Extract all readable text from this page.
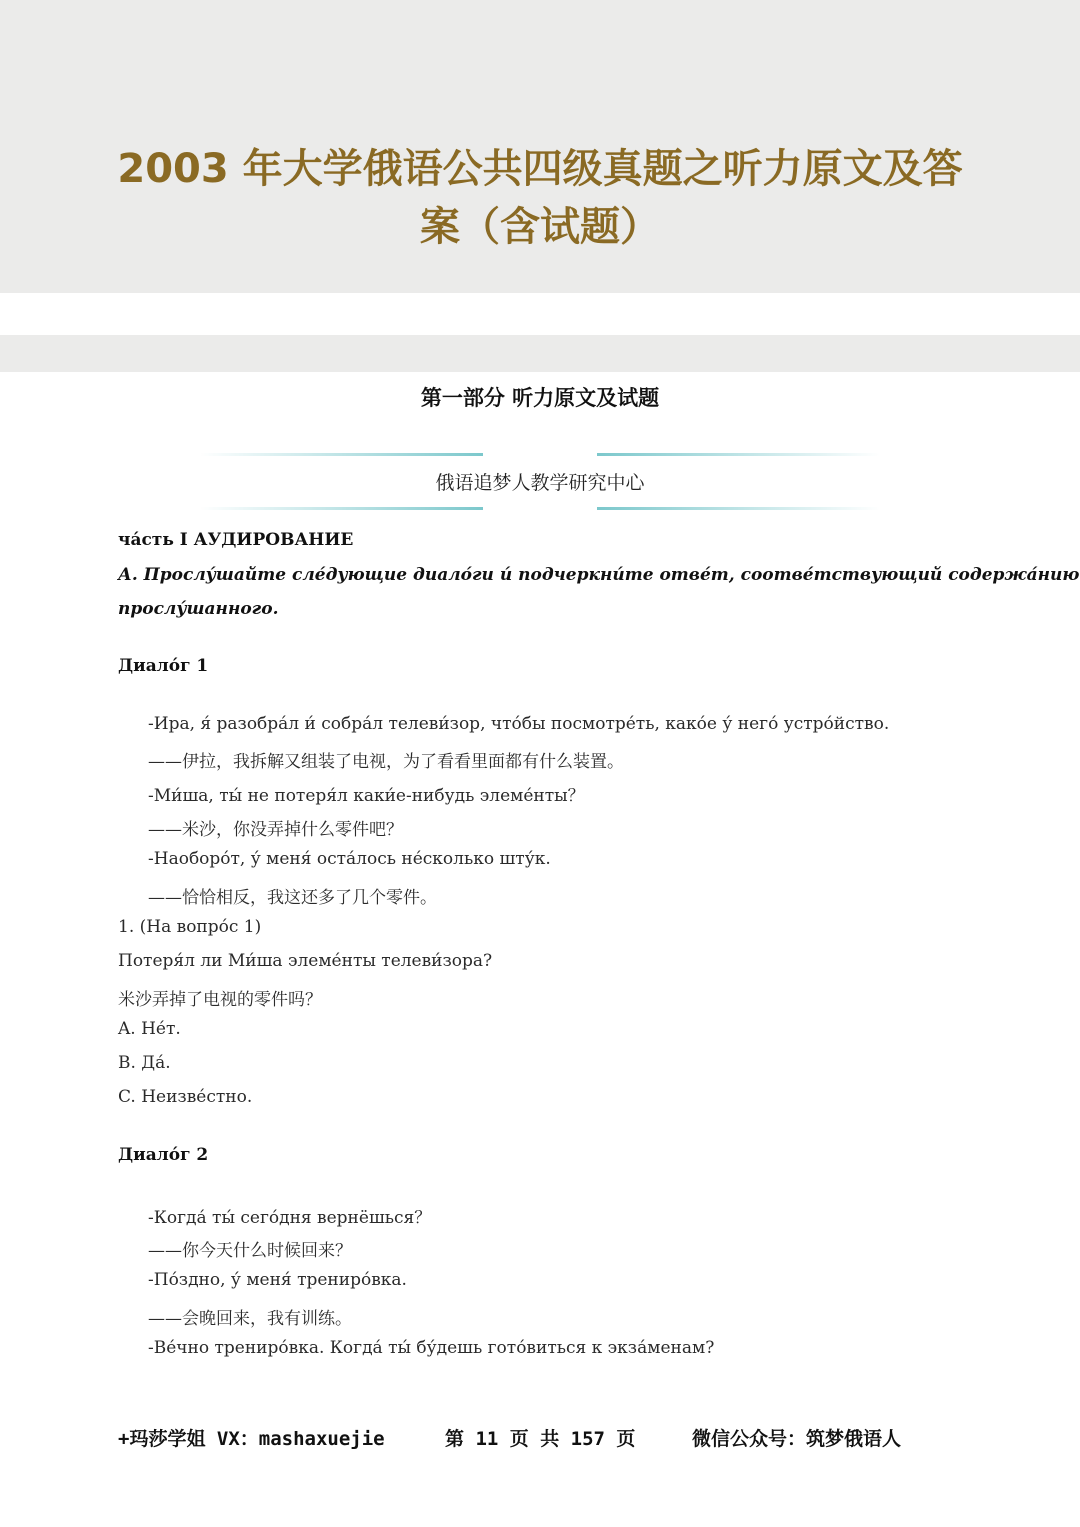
2003 年大学俄语公共四级真题之听力原文及答
案（含试题）
第一部分 听力原文及试题
俄语追梦人教学研究中心
ча́сть I АУДИРОВАНИЕ
А. Прослу́шайте сле́дующие диало́ги и́ подчеркни́те отве́т, соотве́тствующий содержа́нию
прослу́шанного.
Диало́г 1
-Ира, я́ разобра́л и́ собра́л телеви́зор, что́бы посмотре́ть, како́е у́ него́ устро́йство.
——伊拉，我拆解又组装了电视，为了看看里面都有什么装置。
-Ми́ша, ты́ не потеря́л каки́е-нибудь элеме́нты？
——米沙，你没弄掉什么零件吧？
-Наоборо́т, у́ меня́ оста́лось не́сколько шту́к.
——恰恰相反，我这还多了几个零件。
1. (На вопро́с 1)
Потеря́л ли Ми́ша элеме́нты телеви́зора?
米沙弄掉了电视的零件吗？
A. Не́т.
B. Да́.
C. Неизве́стно.
Диало́г 2
-Когда́ ты́ сего́дня вернёшься？
——你今天什么时候回来？
-По́здно, у́ меня́ трениро́вка.
——会晚回来，我有训练。
-Ве́чно трениро́вка. Когда́ ты́ бу́дешь гото́виться к экза́менам?
+玛莎学姐 VX：mashaxuejie	第 11 页 共 157 页	微信公众号：筑梦俄语人
